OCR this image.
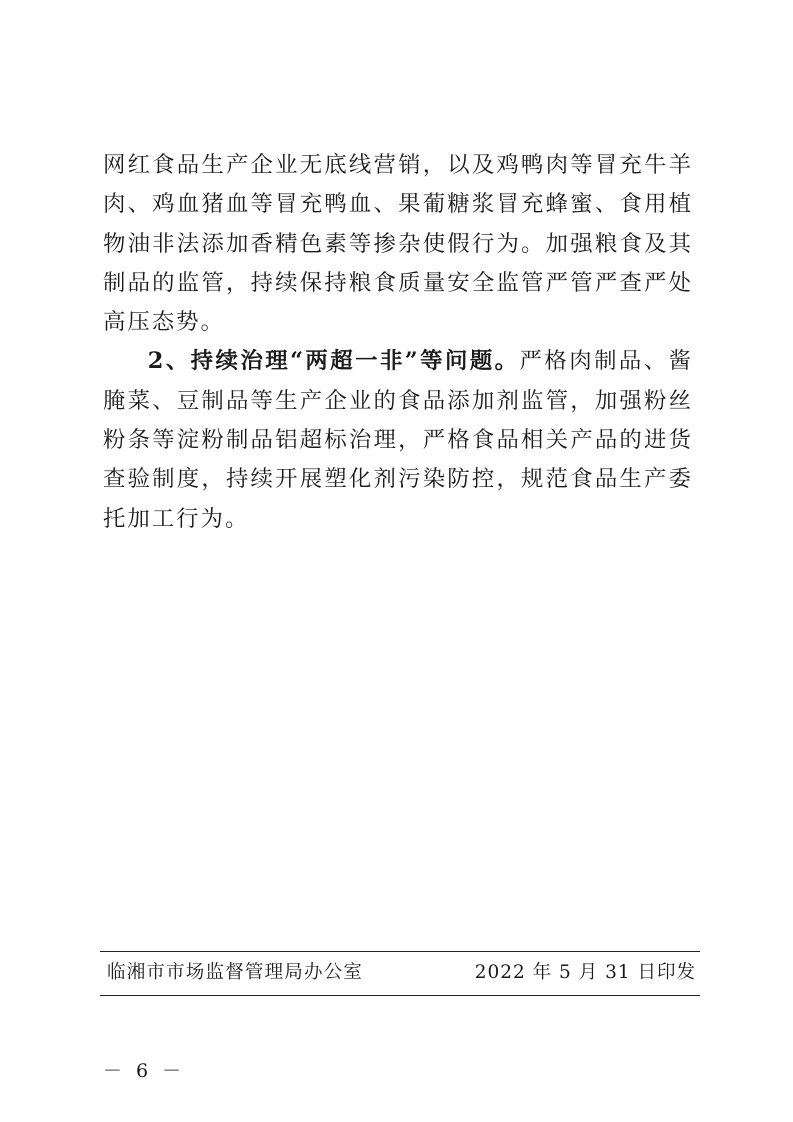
网红食品生产企业无底线营销，以及鸡鸭肉等冒充牛羊肉、鸡血猪血等冒充鸭血、果葡糖浆冒充蜂蜜、食用植物油非法添加香精色素等掺杂使假行为。加强粮食及其制品的监管，持续保持粮食质量安全监管严管严查严处高压态势。

2、持续治理“两超一非”等问题。严格肉制品、酱腌菜、豆制品等生产企业的食品添加剂监管，加强粉丝粉条等淀粉制品铝超标治理，严格食品相关产品的进货查验制度，持续开展塑化剂污染防控，规范食品生产委托加工行为。

临湘市市场监督管理局办公室	2022 年 5 月 31 日印发
－ 6 －
